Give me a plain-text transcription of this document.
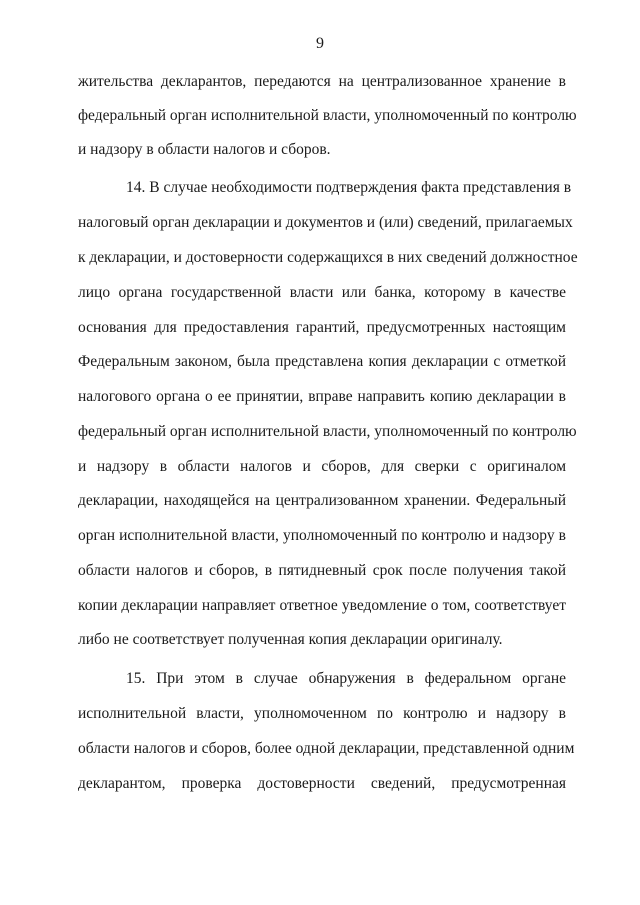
9
жительства декларантов, передаются на централизованное хранение в
федеральный орган исполнительной власти, уполномоченный по контролю
и надзору в области налогов и сборов.
14. В случае необходимости подтверждения факта представления в
налоговый орган декларации и документов и (или) сведений, прилагаемых
к декларации, и достоверности содержащихся в них сведений должностное
лицо органа государственной власти или банка, которому в качестве
основания для предоставления гарантий, предусмотренных настоящим
Федеральным законом, была представлена копия декларации с отметкой
налогового органа о ее принятии, вправе направить копию декларации в
федеральный орган исполнительной власти, уполномоченный по контролю
и надзору в области налогов и сборов, для сверки с оригиналом
декларации, находящейся на централизованном хранении. Федеральный
орган исполнительной власти, уполномоченный по контролю и надзору в
области налогов и сборов, в пятидневный срок после получения такой
копии декларации направляет ответное уведомление о том, соответствует
либо не соответствует полученная копия декларации оригиналу.
15. При этом в случае обнаружения в федеральном органе
исполнительной власти, уполномоченном по контролю и надзору в
области налогов и сборов, более одной декларации, представленной одним
декларантом, проверка достоверности сведений, предусмотренная
